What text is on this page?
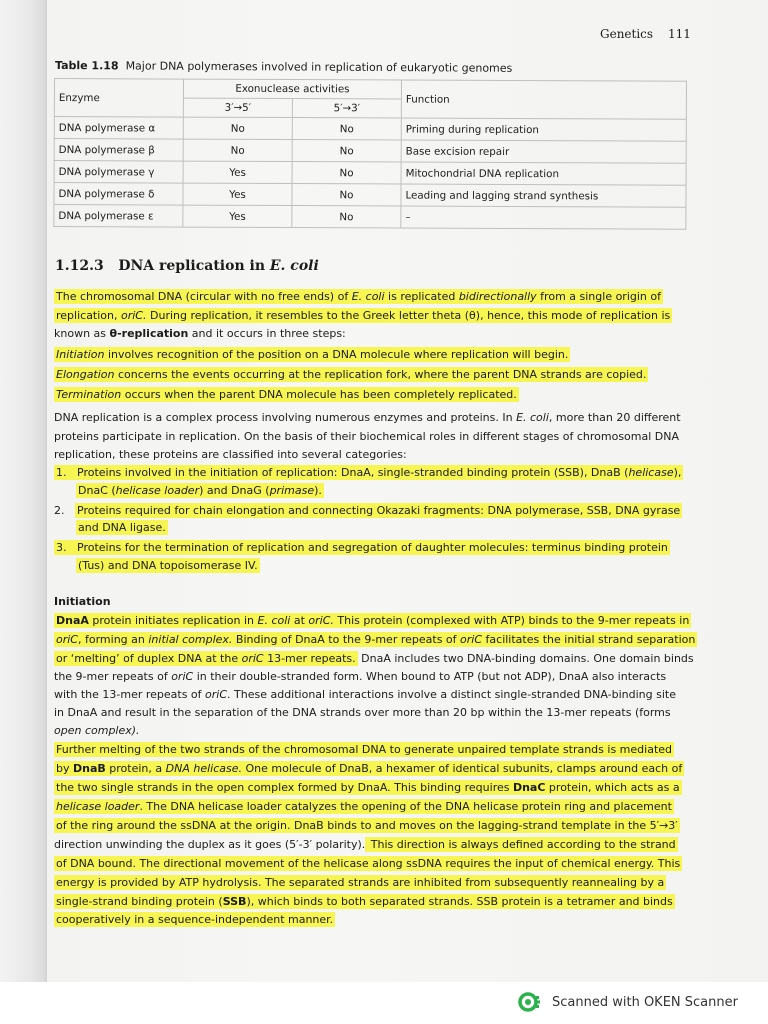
Genetics 111
Table 1.18 Major DNA polymerases involved in replication of eukaryotic genomes
Enzyme	Exonuclease activities		Function
	3′→5′	5′→3′	
DNA polymerase α	No	No	Priming during replication
DNA polymerase β	No	No	Base excision repair
DNA polymerase γ	Yes	No	Mitochondrial DNA replication
DNA polymerase δ	Yes	No	Leading and lagging strand synthesis
DNA polymerase ε	Yes	No	–
1.12.3 DNA replication in E. coli
The chromosomal DNA (circular with no free ends) of E. coli is replicated bidirectionally from a single origin of
replication, oriC. During replication, it resembles to the Greek letter theta (θ), hence, this mode of replication is
known as θ-replication and it occurs in three steps:
Initiation involves recognition of the position on a DNA molecule where replication will begin.
Elongation concerns the events occurring at the replication fork, where the parent DNA strands are copied.
Termination occurs when the parent DNA molecule has been completely replicated.
DNA replication is a complex process involving numerous enzymes and proteins. In E. coli, more than 20 different
proteins participate in replication. On the basis of their biochemical roles in different stages of chromosomal DNA
replication, these proteins are classified into several categories:
1. Proteins involved in the initiation of replication: DnaA, single-stranded binding protein (SSB), DnaB (helicase),
DnaC (helicase loader) and DnaG (primase).
2. Proteins required for chain elongation and connecting Okazaki fragments: DNA polymerase, SSB, DNA gyrase
and DNA ligase.
3. Proteins for the termination of replication and segregation of daughter molecules: terminus binding protein
(Tus) and DNA topoisomerase IV.
Initiation
DnaA protein initiates replication in E. coli at oriC. This protein (complexed with ATP) binds to the 9-mer repeats in
oriC, forming an initial complex. Binding of DnaA to the 9-mer repeats of oriC facilitates the initial strand separation
or ‘melting’ of duplex DNA at the oriC 13-mer repeats. DnaA includes two DNA-binding domains. One domain binds
the 9-mer repeats of oriC in their double-stranded form. When bound to ATP (but not ADP), DnaA also interacts
with the 13-mer repeats of oriC. These additional interactions involve a distinct single-stranded DNA-binding site
in DnaA and result in the separation of the DNA strands over more than 20 bp within the 13-mer repeats (forms
open complex).
Further melting of the two strands of the chromosomal DNA to generate unpaired template strands is mediated
by DnaB protein, a DNA helicase. One molecule of DnaB, a hexamer of identical subunits, clamps around each of
the two single strands in the open complex formed by DnaA. This binding requires DnaC protein, which acts as a
helicase loader. The DNA helicase loader catalyzes the opening of the DNA helicase protein ring and placement
of the ring around the ssDNA at the origin. DnaB binds to and moves on the lagging-strand template in the 5′→3′
direction unwinding the duplex as it goes (5′-3′ polarity). This direction is always defined according to the strand
of DNA bound. The directional movement of the helicase along ssDNA requires the input of chemical energy. This
energy is provided by ATP hydrolysis. The separated strands are inhibited from subsequently reannealing by a
single-strand binding protein (SSB), which binds to both separated strands. SSB protein is a tetramer and binds
cooperatively in a sequence-independent manner.
Scanned with OKEN Scanner
